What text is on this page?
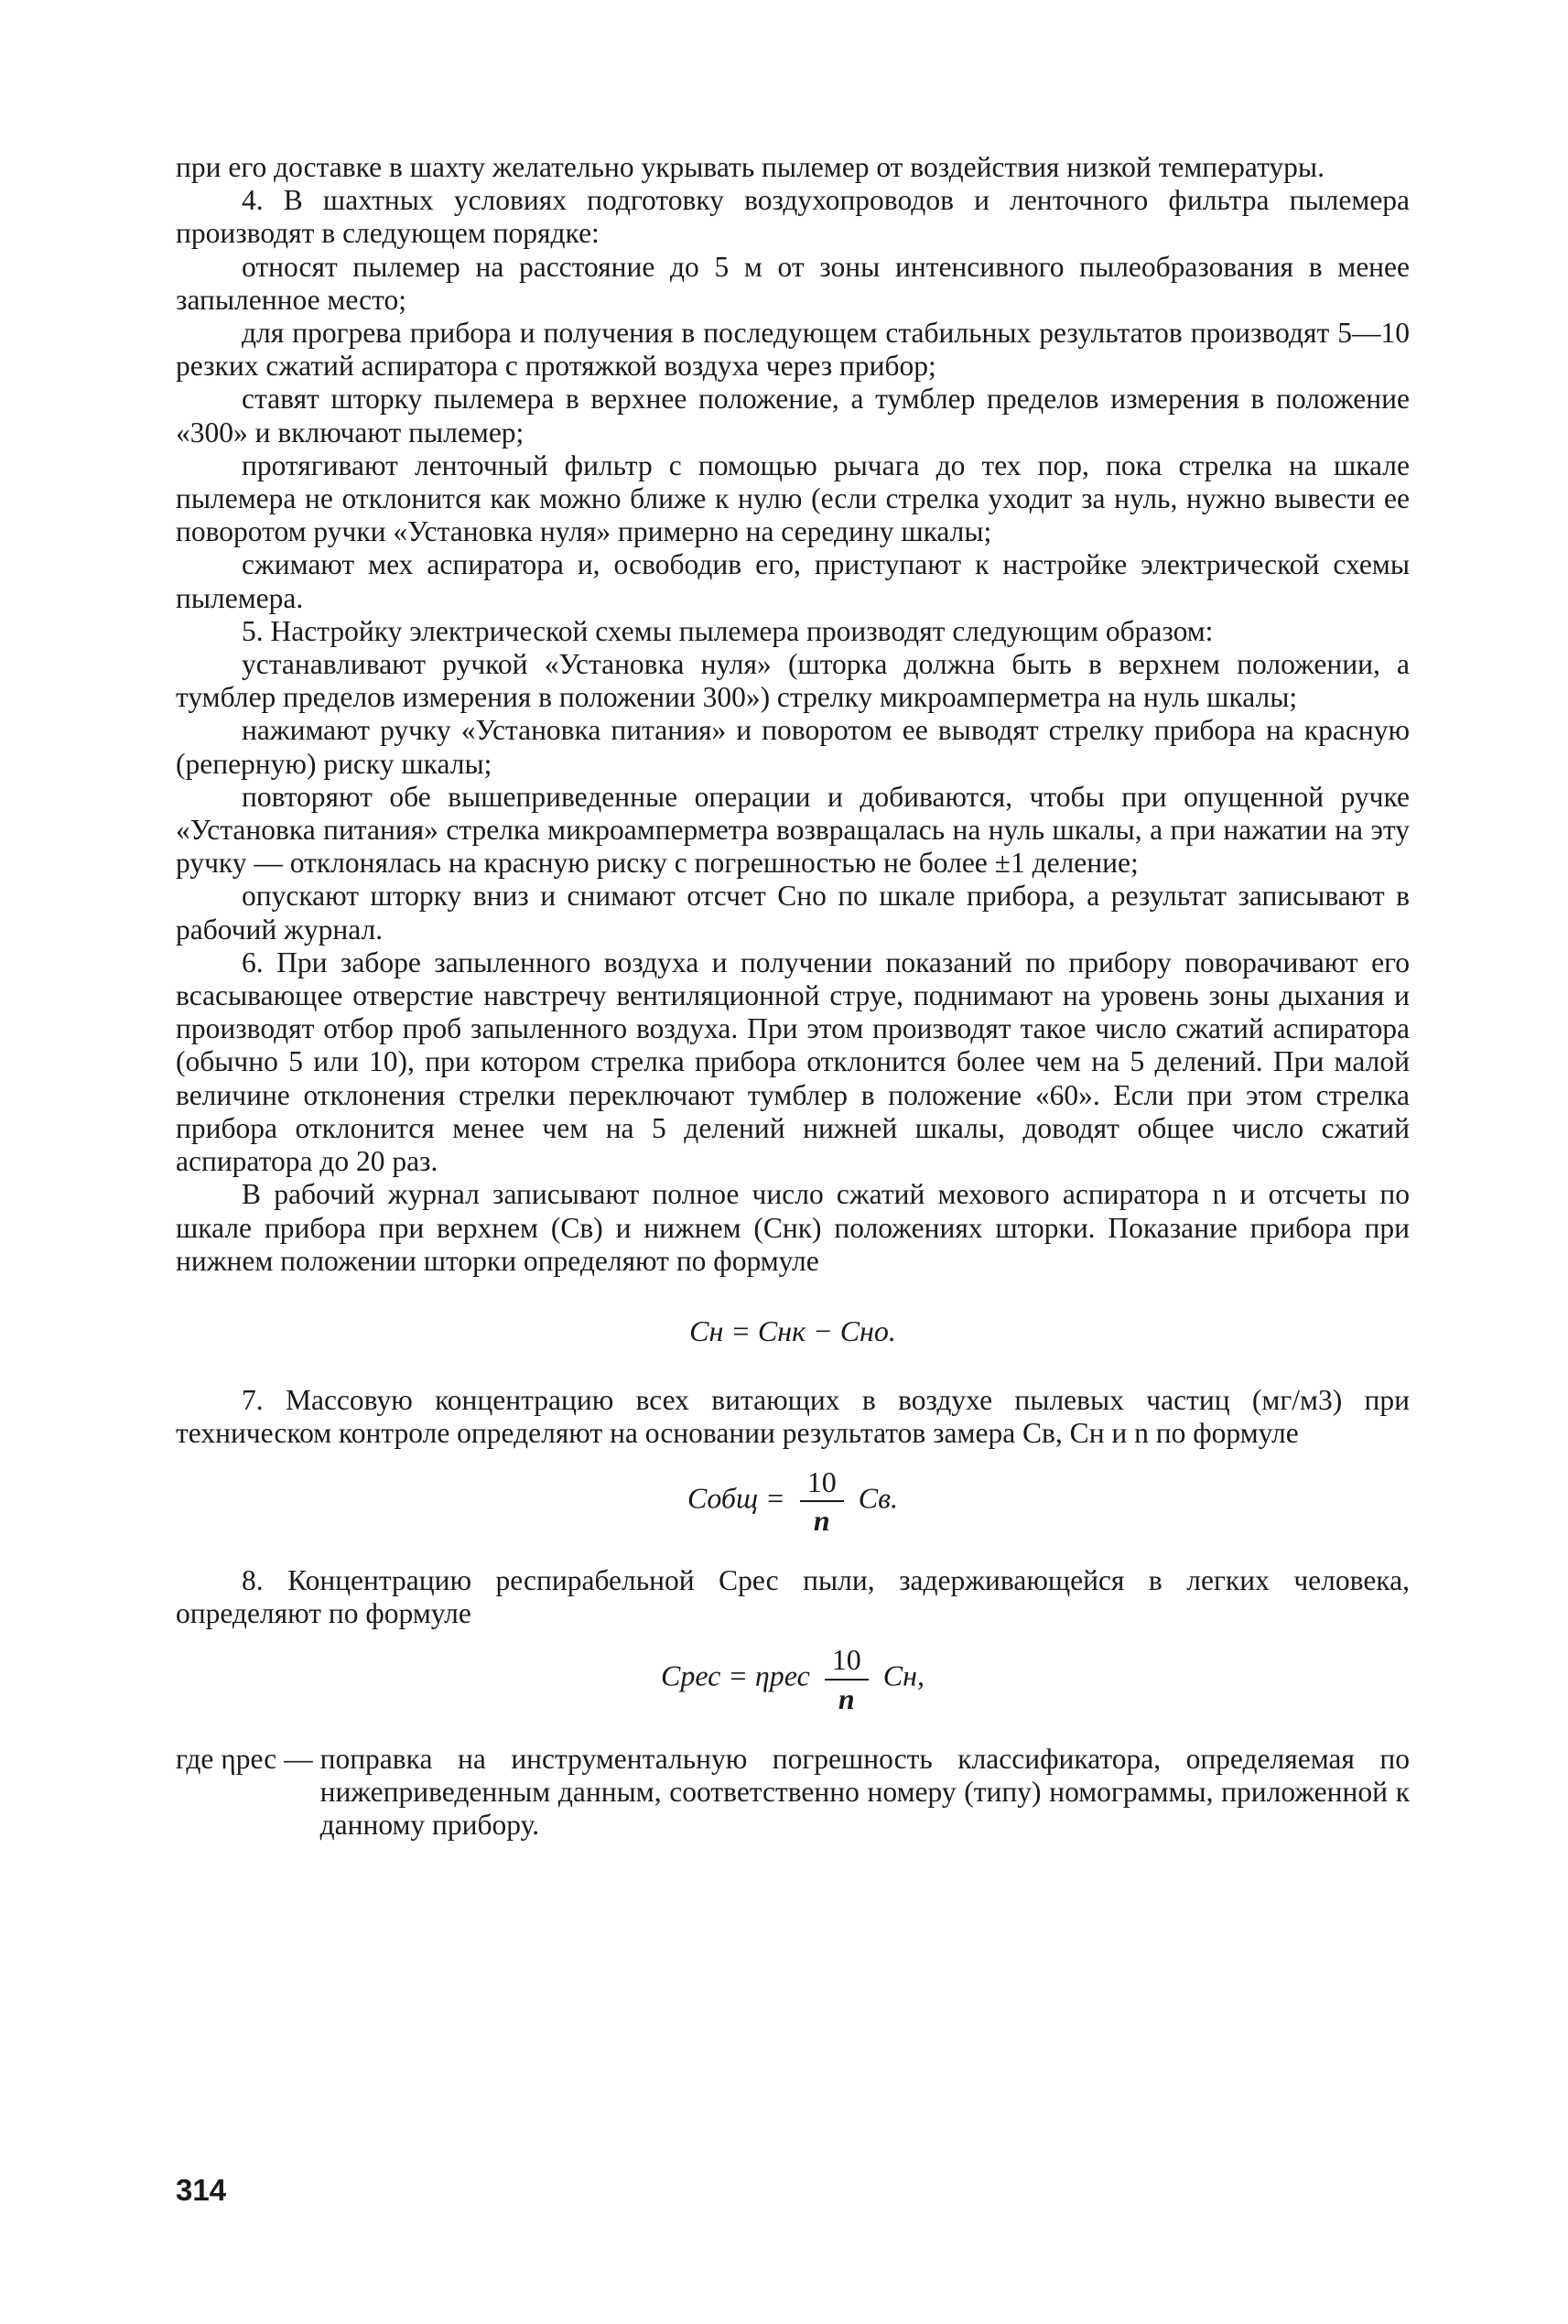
при его доставке в шахту желательно укрывать пылемер от воздействия низкой температуры.

4. В шахтных условиях подготовку воздухопроводов и ленточного фильтра пылемера производят в следующем порядке:

относят пылемер на расстояние до 5 м от зоны интенсивного пылеобразования в менее запыленное место;

для прогрева прибора и получения в последующем стабильных результатов производят 5—10 резких сжатий аспиратора с протяжкой воздуха через прибор;

ставят шторку пылемера в верхнее положение, а тумблер пределов измерения в положение «300» и включают пылемер;

протягивают ленточный фильтр с помощью рычага до тех пор, пока стрелка на шкале пылемера не отклонится как можно ближе к нулю (если стрелка уходит за нуль, нужно вывести ее поворотом ручки «Установка нуля» примерно на середину шкалы;

сжимают мех аспиратора и, освободив его, приступают к настройке электрической схемы пылемера.

5. Настройку электрической схемы пылемера производят следующим образом:

устанавливают ручкой «Установка нуля» (шторка должна быть в верхнем положении, а тумблер пределов измерения в положении 300») стрелку микроамперметра на нуль шкалы;

нажимают ручку «Установка питания» и поворотом ее выводят стрелку прибора на красную (реперную) риску шкалы;

повторяют обе вышеприведенные операции и добиваются, чтобы при опущенной ручке «Установка питания» стрелка микроамперметра возвращалась на нуль шкалы, а при нажатии на эту ручку — отклонялась на красную риску с погрешностью не более ±1 деление;

опускают шторку вниз и снимают отсчет Cно по шкале прибора, а результат записывают в рабочий журнал.

6. При заборе запыленного воздуха и получении показаний по прибору поворачивают его всасывающее отверстие навстречу вентиляционной струе, поднимают на уровень зоны дыхания и производят отбор проб запыленного воздуха. При этом производят такое число сжатий аспиратора (обычно 5 или 10), при котором стрелка прибора отклонится более чем на 5 делений. При малой величине отклонения стрелки переключают тумблер в положение «60». Если при этом стрелка прибора отклонится менее чем на 5 делений нижней шкалы, доводят общее число сжатий аспиратора до 20 раз.

В рабочий журнал записывают полное число сжатий мехового аспиратора n и отсчеты по шкале прибора при верхнем (Cв) и нижнем (Cнк) положениях шторки. Показание прибора при нижнем положении шторки определяют по формуле

Cн = Cнк − Cно.

7. Массовую концентрацию всех витающих в воздухе пылевых частиц (мг/м3) при техническом контроле определяют на основании результатов замера Cв, Cн и n по формуле

Cобщ = $\frac{10}{n}$ Cв.

8. Концентрацию респирабельной Cрес пыли, задерживающейся в легких человека, определяют по формуле

Cрес = ηрес $\frac{10}{n}$ Cн,
где ηрес — поправка на инструментальную погрешность классификатора, определяемая по нижеприведенным данным, соответственно номеру (типу) номограммы, приложенной к данному прибору.
314
